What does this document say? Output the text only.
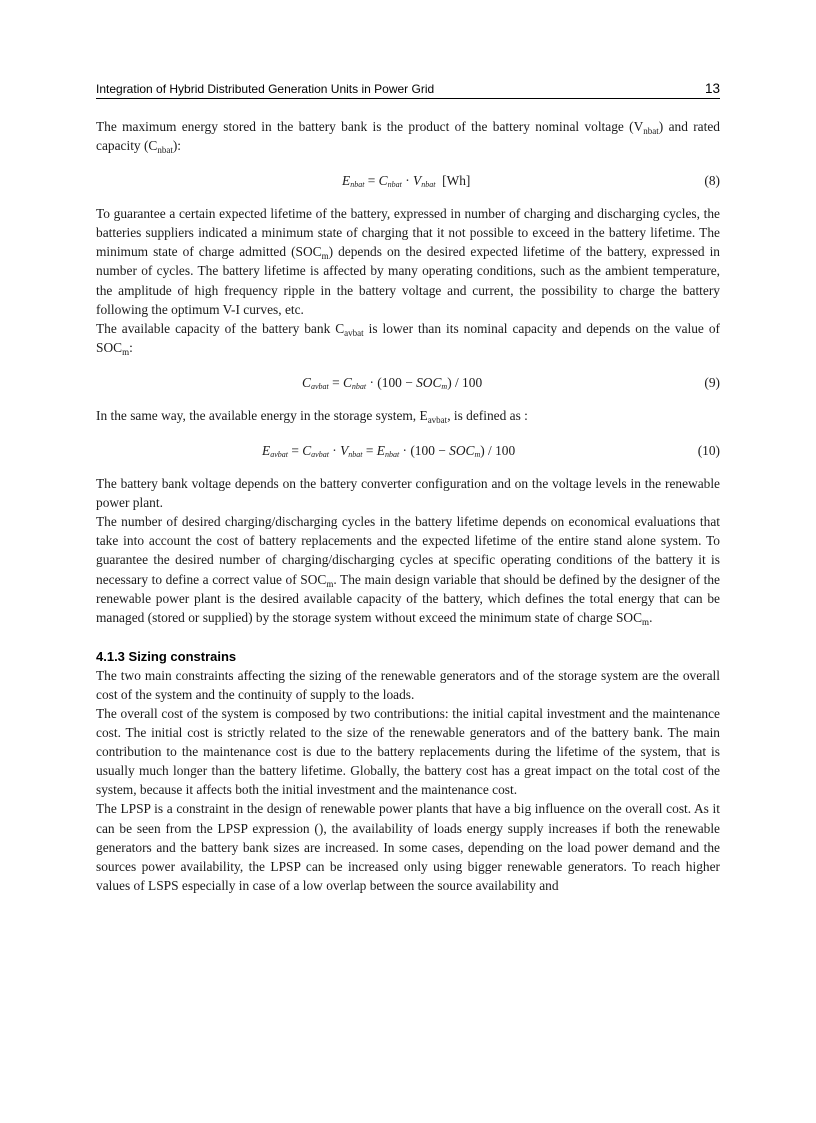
Integration of Hybrid Distributed Generation Units in Power Grid	13

The maximum energy stored in the battery bank is the product of the battery nominal voltage $(V_{nbat})$ and rated capacity $(C_{nbat})$:

$E_{nbat} = C_{nbat} \cdot V_{nbat}$ [Wh]	(8)

To guarantee a certain expected lifetime of the battery, expressed in number of charging and discharging cycles, the batteries suppliers indicated a minimum state of charging that it not possible to exceed in the battery lifetime. The minimum state of charge admitted $(SOC_m)$ depends on the desired expected lifetime of the battery, expressed in number of cycles. The battery lifetime is affected by many operating conditions, such as the ambient temperature, the amplitude of high frequency ripple in the battery voltage and current, the possibility to charge the battery following the optimum V-I curves, etc.

The available capacity of the battery bank $C_{avbat}$ is lower than its nominal capacity and depends on the value of $SOC_m$:

$C_{avbat} = C_{nbat} \cdot (100 - SOC_m) / 100$	(9)

In the same way, the available energy in the storage system, $E_{avbat}$, is defined as :

$E_{avbat} = C_{avbat} \cdot V_{nbat} = E_{nbat} \cdot (100 - SOC_m) / 100$	(10)

The battery bank voltage depends on the battery converter configuration and on the voltage levels in the renewable power plant.

The number of desired charging/discharging cycles in the battery lifetime depends on economical evaluations that take into account the cost of battery replacements and the expected lifetime of the entire stand alone system. To guarantee the desired number of charging/discharging cycles at specific operating conditions of the battery it is necessary to define a correct value of $SOC_m$. The main design variable that should be defined by the designer of the renewable power plant is the desired available capacity of the battery, which defines the total energy that can be managed (stored or supplied) by the storage system without exceed the minimum state of charge $SOC_m$.

4.1.3 Sizing constrains

The two main constraints affecting the sizing of the renewable generators and of the storage system are the overall cost of the system and the continuity of supply to the loads.

The overall cost of the system is composed by two contributions: the initial capital investment and the maintenance cost. The initial cost is strictly related to the size of the renewable generators and of the battery bank. The main contribution to the maintenance cost is due to the battery replacements during the lifetime of the system, that is usually much longer than the battery lifetime. Globally, the battery cost has a great impact on the total cost of the system, because it affects both the initial investment and the maintenance cost.

The LPSP is a constraint in the design of renewable power plants that have a big influence on the overall cost. As it can be seen from the LPSP expression (), the availability of loads energy supply increases if both the renewable generators and the battery bank sizes are increased. In some cases, depending on the load power demand and the sources power availability, the LPSP can be increased only using bigger renewable generators. To reach higher values of LSPS especially in case of a low overlap between the source availability and
